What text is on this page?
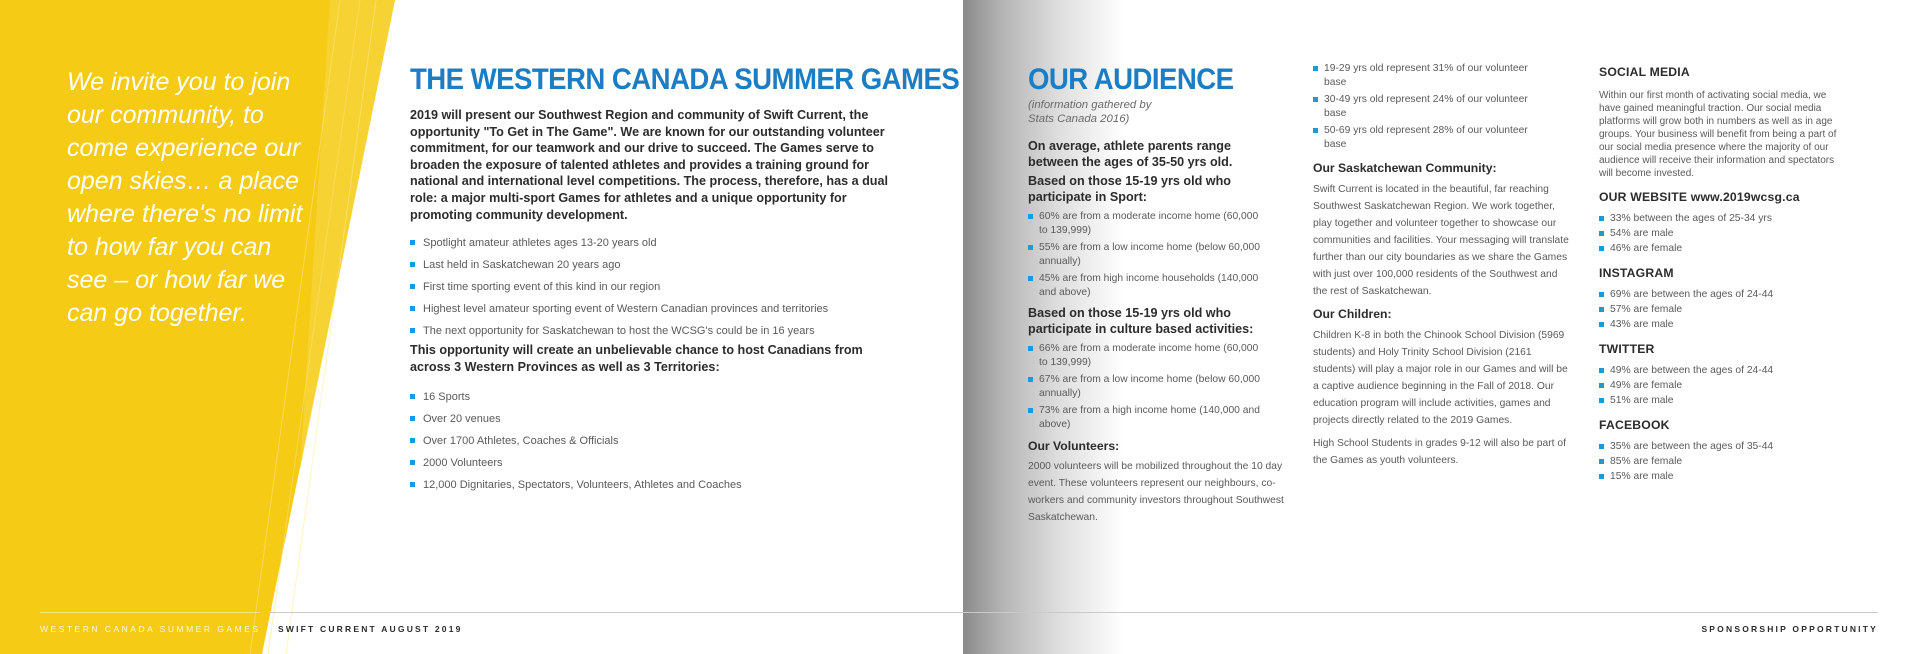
We invite you to join our community, to come experience our open skies… a place where there's no limit to how far you can see – or how far we can go together.
THE WESTERN CANADA SUMMER GAMES

2019 will present our Southwest Region and community of Swift Current, the opportunity "To Get in The Game". We are known for our outstanding volunteer commitment, for our teamwork and our drive to succeed. The Games serve to broaden the exposure of talented athletes and provides a training ground for national and international level competitions. The process, therefore, has a dual role: a major multi-sport Games for athletes and a unique opportunity for promoting community development.

Spotlight amateur athletes ages 13-20 years old
Last held in Saskatchewan 20 years ago
First time sporting event of this kind in our region
Highest level amateur sporting event of Western Canadian provinces and territories
The next opportunity for Saskatchewan to host the WCSG's could be in 16 years

This opportunity will create an unbelievable chance to host Canadians from across 3 Western Provinces as well as 3 Territories:

16 Sports
Over 20 venues
Over 1700 Athletes, Coaches & Officials
2000 Volunteers
12,000 Dignitaries, Spectators, Volunteers, Athletes and Coaches
WESTERN CANADA SUMMER GAMES SWIFT CURRENT AUGUST 2019
OUR AUDIENCE

(information gathered by Stats Canada 2016)

On average, athlete parents range between the ages of 35-50 yrs old.

Based on those 15-19 yrs old who participate in Sport:

60% are from a moderate income home (60,000 to 139,999)
55% are from a low income home (below 60,000 annually)
45% are from high income households (140,000 and above)

Based on those 15-19 yrs old who participate in culture based activities:

66% are from a moderate income home (60,000 to 139,999)
67% are from a low income home (below 60,000 annually)
73% are from a high income home (140,000 and above)

Our Volunteers:

2000 volunteers will be mobilized throughout the 10 day event. These volunteers represent our neighbours, co-workers and community investors throughout Southwest Saskatchewan.

19-29 yrs old represent 31% of our volunteer base
30-49 yrs old represent 24% of our volunteer base
50-69 yrs old represent 28% of our volunteer base

Our Saskatchewan Community:

Swift Current is located in the beautiful, far reaching Southwest Saskatchewan Region. We work together, play together and volunteer together to showcase our communities and facilities. Your messaging will translate further than our city boundaries as we share the Games with just over 100,000 residents of the Southwest and the rest of Saskatchewan.

Our Children:

Children K-8 in both the Chinook School Division (5969 students) and Holy Trinity School Division (2161 students) will play a major role in our Games and will be a captive audience beginning in the Fall of 2018. Our education program will include activities, games and projects directly related to the 2019 Games.

High School Students in grades 9-12 will also be part of the Games as youth volunteers.

SOCIAL MEDIA

Within our first month of activating social media, we have gained meaningful traction. Our social media platforms will grow both in numbers as well as in age groups. Your business will benefit from being a part of our social media presence where the majority of our audience will receive their information and spectators will become invested.

OUR WEBSITE www.2019wcsg.ca

33% between the ages of 25-34 yrs
54% are male
46% are female

INSTAGRAM

69% are between the ages of 24-44
57% are female
43% are male

TWITTER

49% are between the ages of 24-44
49% are female
51% are male

FACEBOOK

35% are between the ages of 35-44
85% are female
15% are male
SPONSORSHIP OPPORTUNITY
